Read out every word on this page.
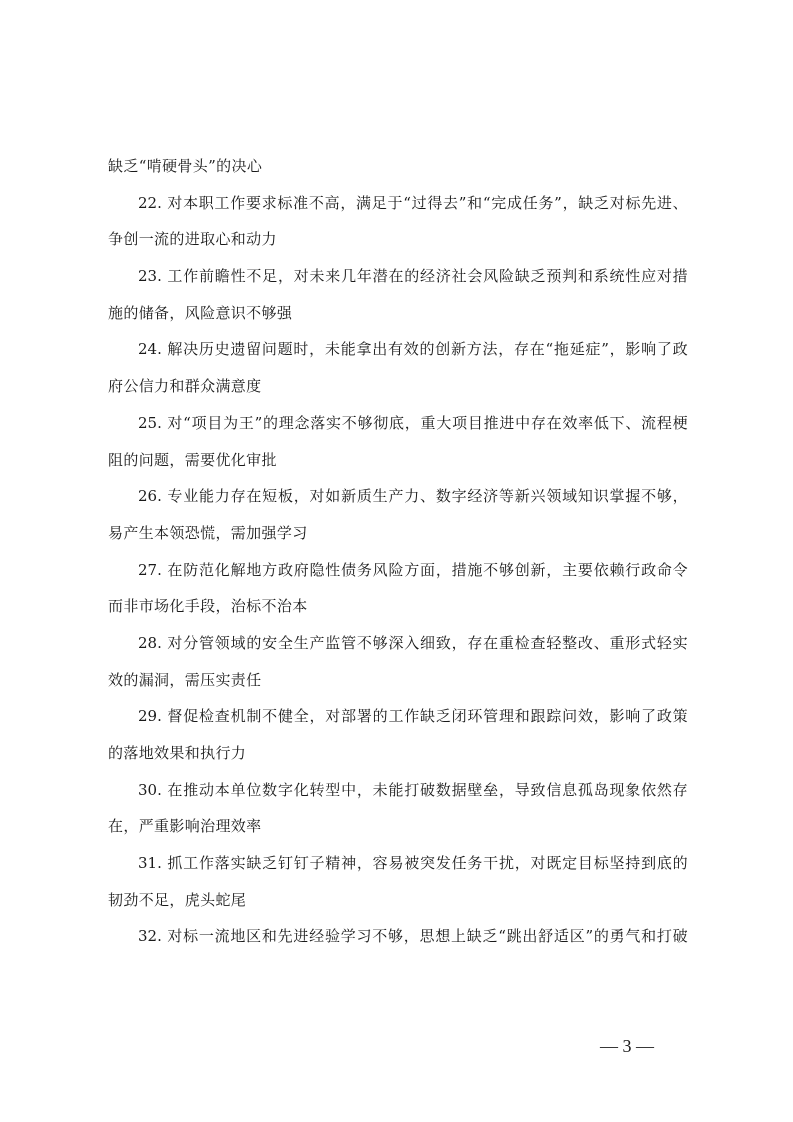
缺乏“啃硬骨头”的决心
22. 对本职工作要求标准不高，满足于“过得去”和“完成任务”，缺乏对标先进、
争创一流的进取心和动力
23. 工作前瞻性不足，对未来几年潜在的经济社会风险缺乏预判和系统性应对措
施的储备，风险意识不够强
24. 解决历史遗留问题时，未能拿出有效的创新方法，存在“拖延症”，影响了政
府公信力和群众满意度
25. 对“项目为王”的理念落实不够彻底，重大项目推进中存在效率低下、流程梗
阻的问题，需要优化审批
26. 专业能力存在短板，对如新质生产力、数字经济等新兴领域知识掌握不够，
易产生本领恐慌，需加强学习
27. 在防范化解地方政府隐性债务风险方面，措施不够创新，主要依赖行政命令
而非市场化手段，治标不治本
28. 对分管领域的安全生产监管不够深入细致，存在重检查轻整改、重形式轻实
效的漏洞，需压实责任
29. 督促检查机制不健全，对部署的工作缺乏闭环管理和跟踪问效，影响了政策
的落地效果和执行力
30. 在推动本单位数字化转型中，未能打破数据壁垒，导致信息孤岛现象依然存
在，严重影响治理效率
31. 抓工作落实缺乏钉钉子精神，容易被突发任务干扰，对既定目标坚持到底的
韧劲不足，虎头蛇尾
32. 对标一流地区和先进经验学习不够，思想上缺乏“跳出舒适区”的勇气和打破
— 3 —
